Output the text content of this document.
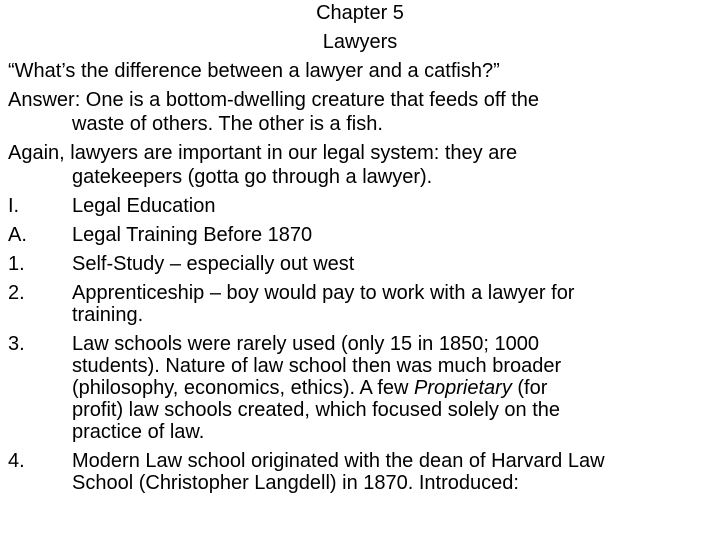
Chapter 5

Lawyers

“What’s the difference between a lawyer and a catfish?”

Answer: One is a bottom-dwelling creature that feeds off the

waste of others. The other is a fish.

Again, lawyers are important in our legal system: they are

gatekeepers (gotta go through a lawyer).

I.	Legal Education
A. Legal Training Before 1870
1. Self-Study – especially out west
2. Apprenticeship – boy would pay to work with a lawyer for
training.
3. Law schools were rarely used (only 15 in 1850; 1000
students). Nature of law school then was much broader
(philosophy, economics, ethics). A few Proprietary (for
profit) law schools created, which focused solely on the
practice of law.
4. Modern Law school originated with the dean of Harvard Law
School (Christopher Langdell) in 1870. Introduced:
